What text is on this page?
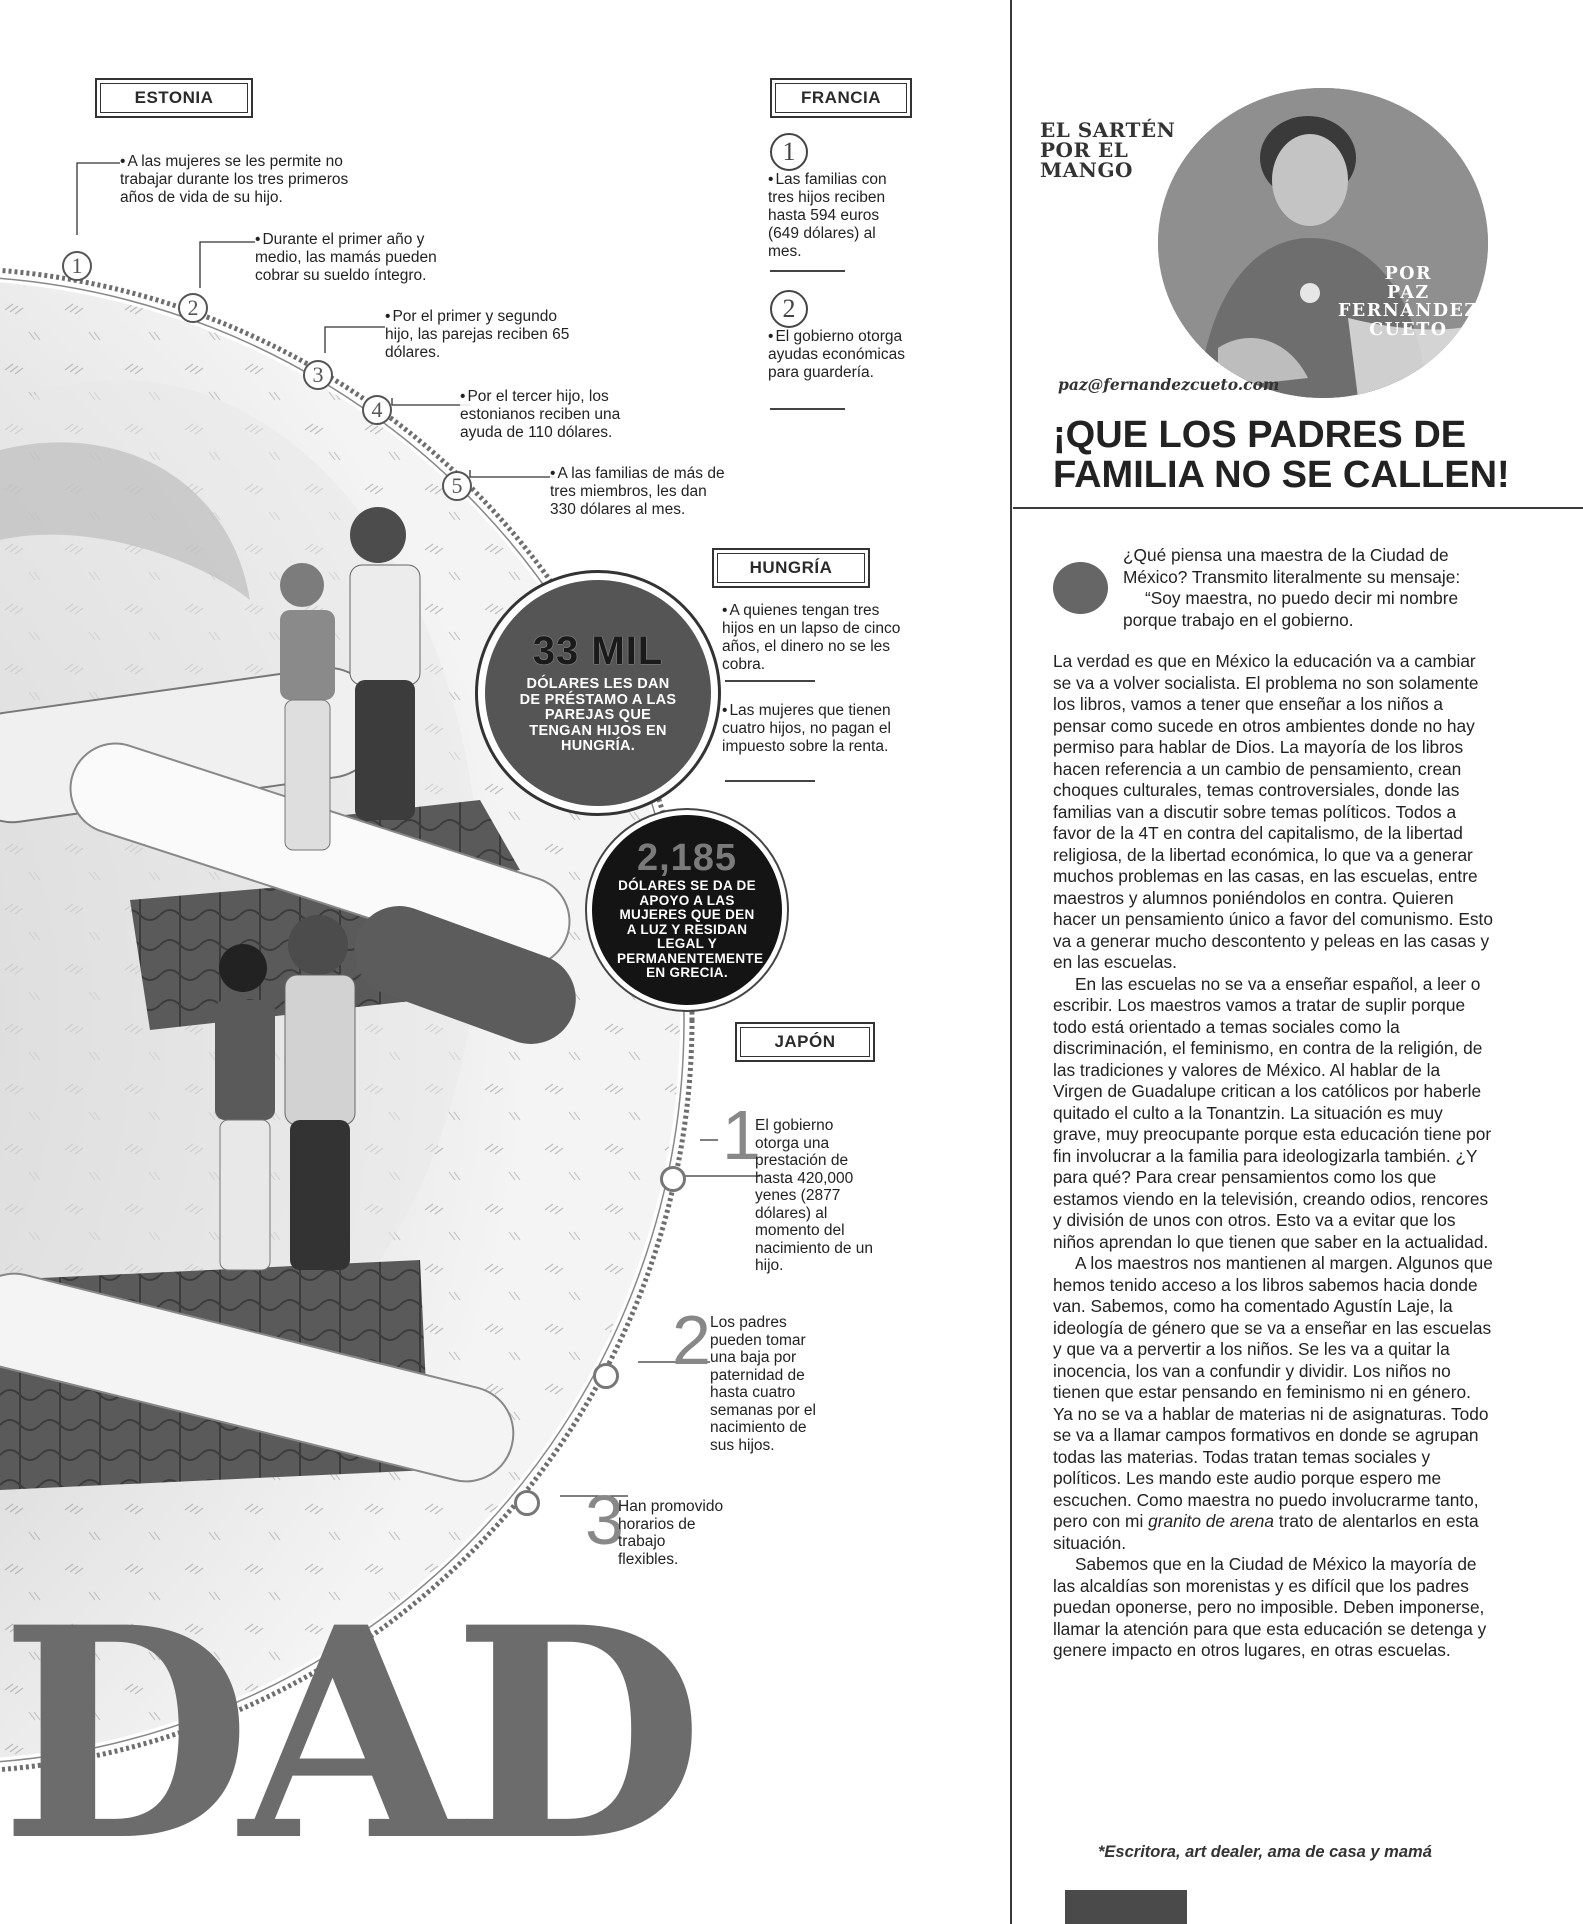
ESTONIA
1
2
3
4
5
• A las mujeres se les permite no trabajar durante los tres primeros años de vida de su hijo.
• Durante el primer año y medio, las mamás pueden cobrar su sueldo íntegro.
• Por el primer y segundo hijo, las parejas reciben 65 dólares.
• Por el tercer hijo, los estonianos reciben una ayuda de 110 dólares.
• A las familias de más de tres miembros, les dan 330 dólares al mes.
FRANCIA
1
• Las familias con tres hijos reciben hasta 594 euros (649 dólares) al mes.
2
• El gobierno otorga ayudas económicas para guardería.
HUNGRÍA
• A quienes tengan tres hijos en un lapso de cinco años, el dinero no se les cobra.
• Las mujeres que tienen cuatro hijos, no pagan el impuesto sobre la renta.
33 MIL
DÓLARES LES DAN DE PRÉSTAMO A LAS PAREJAS QUE TENGAN HIJOS EN HUNGRÍA.
2,185
DÓLARES SE DA DE APOYO A LAS MUJERES QUE DEN A LUZ Y RESIDAN LEGAL Y PERMANENTEMENTE EN GRECIA.
JAPÓN
1
2
3
El gobierno otorga una prestación de hasta 420,000 yenes (2877 dólares) al momento del nacimiento de un hijo.
Los padres pueden tomar una baja por paternidad de hasta cuatro semanas por el nacimiento de sus hijos.
Han promovido horarios de trabajo flexibles.
DAD
EL SARTÉN
POR EL
MANGO
POR
PAZ
FERNÁNDEZ
CUETO
paz@fernandezcueto.com
¡QUE LOS PADRES DE FAMILIA NO SE CALLEN!
¿Qué piensa una maestra de la Ciudad de México? Transmito literalmente su mensaje:
“Soy maestra, no puedo decir mi nombre porque trabajo en el gobierno.

La verdad es que en México la educación va a cambiar se va a volver socialista. El problema no son solamente los libros, vamos a tener que enseñar a los niños a pensar como sucede en otros ambientes donde no hay permiso para hablar de Dios. La mayoría de los libros hacen referencia a un cambio de pensamiento, crean choques culturales, temas controversiales, donde las familias van a discutir sobre temas políticos. Todos a favor de la 4T en contra del capitalismo, de la libertad religiosa, de la libertad económica, lo que va a generar muchos problemas en las casas, en las escuelas, entre maestros y alumnos poniéndolos en contra. Quieren hacer un pensamiento único a favor del comunismo. Esto va a generar mucho descontento y peleas en las casas y en las escuelas.

En las escuelas no se va a enseñar español, a leer o escribir. Los maestros vamos a tratar de suplir porque todo está orientado a temas sociales como la discriminación, el feminismo, en contra de la religión, de las tradiciones y valores de México. Al hablar de la Virgen de Guadalupe critican a los católicos por haberle quitado el culto a la Tonantzin. La situación es muy grave, muy preocupante porque esta educación tiene por fin involucrar a la familia para ideologizarla también. ¿Y para qué? Para crear pensamientos como los que estamos viendo en la televisión, creando odios, rencores y división de unos con otros. Esto va a evitar que los niños aprendan lo que tienen que saber en la actualidad.

A los maestros nos mantienen al margen. Algunos que hemos tenido acceso a los libros sabemos hacia donde van. Sabemos, como ha comentado Agustín Laje, la ideología de género que se va a enseñar en las escuelas y que va a pervertir a los niños. Se les va a quitar la inocencia, los van a confundir y dividir. Los niños no tienen que estar pensando en feminismo ni en género. Ya no se va a hablar de materias ni de asignaturas. Todo se va a llamar campos formativos en donde se agrupan todas las materias. Todas tratan temas sociales y políticos. Les mando este audio porque espero me escuchen. Como maestra no puedo involucrarme tanto, pero con mi granito de arena trato de alentarlos en esta situación.

Sabemos que en la Ciudad de México la mayoría de las alcaldías son morenistas y es difícil que los padres puedan oponerse, pero no imposible. Deben imponerse, llamar la atención para que esta educación se detenga y genere impacto en otros lugares, en otras escuelas.

*Escritora, art dealer, ama de casa y mamá
